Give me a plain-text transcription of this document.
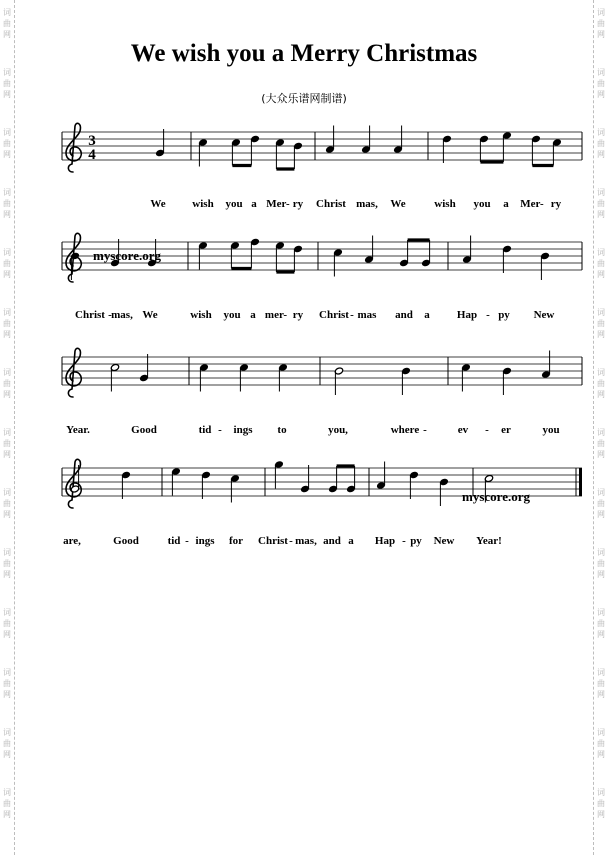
词
曲
网
词
曲
网
词
曲
网
词
曲
网
词
曲
网
词
曲
网
词
曲
网
词
曲
网
词
曲
网
词
曲
网
词
曲
网
词
曲
网
词
曲
网
词
曲
网
词
曲
网
词
曲
网
词
曲
网
词
曲
网
词
曲
网
词
曲
网
词
曲
网
词
曲
网
词
曲
网
词
曲
网
词
曲
网
词
曲
网
词
曲
网
词
曲
网
We wish you a Merry Christmas
(大众乐谱网制谱)
3
4
We wish you a Mer- ry Christ mas, We	wish you a Mer- ry
Christ - mas, We	wish you a mer- ry Christ - mas and a Hap - py New
Year.	Good	tid - ings to	you,	where -	ev - er	you
are,	Good	tid - ings for Christ - mas, and a Hap - py New Year!
myscore.org
myscore.org
